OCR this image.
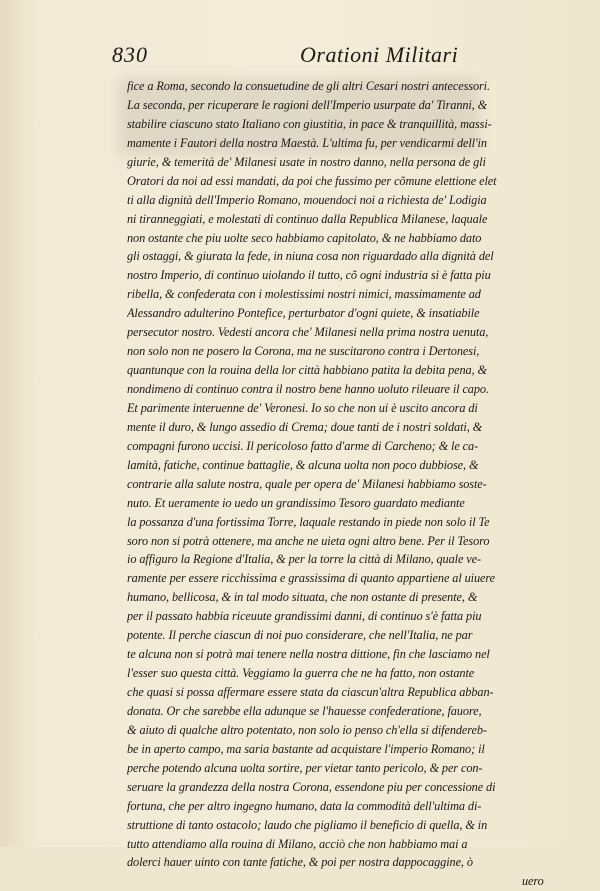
830	Orationi Militari
fice a Roma, secondo la consuetudine de gli altri Cesari nostri antecessori.
La seconda, per ricuperare le ragioni dell'Imperio usurpate da' Tiranni, &
stabilire ciascuno stato Italiano con giustitia, in pace & tranquillità, massi-
mamente i Fautori della nostra Maestà. L'ultima fu, per vendicarmi dell'in
giurie, & temerità de' Milanesi usate in nostro danno, nella persona de gli
Oratori da noi ad essi mandati, da poi che fussimo per cõmune elettione elet
ti alla dignità dell'Imperio Romano, mouendoci noi a richiesta de' Lodigia
ni tiranneggiati, e molestati di continuo dalla Republica Milanese, laquale
non ostante che piu uolte seco habbiamo capitolato, & ne habbiamo dato
gli ostaggi, & giurata la fede, in niuna cosa non riguardado alla dignità del
nostro Imperio, di continuo uiolando il tutto, cõ ogni industria si è fatta piu
ribella, & confederata con i molestissimi nostri nimici, massimamente ad
Alessandro adulterino Pontefice, perturbator d'ogni quiete, & insatiabile
persecutor nostro. Vedesti ancora che' Milanesi nella prima nostra uenuta,
non solo non ne posero la Corona, ma ne suscitarono contra i Dertonesi,
quantunque con la rouina della lor città habbiano patita la debita pena, &
nondimeno di continuo contra il nostro bene hanno uoluto rileuare il capo.
Et parimente interuenne de' Veronesi. Io so che non ui è uscito ancora di
mente il duro, & lungo assedio di Crema; doue tanti de i nostri soldati, &
compagni furono uccisi. Il pericoloso fatto d'arme di Carcheno; & le ca-
lamità, fatiche, continue battaglie, & alcuna uolta non poco dubbiose, &
contrarie alla salute nostra, quale per opera de' Milanesi habbiamo soste-
nuto. Et ueramente io uedo un grandissimo Tesoro guardato mediante
la possanza d'una fortissima Torre, laquale restando in piede non solo il Te
soro non si potrà ottenere, ma anche ne uieta ogni altro bene. Per il Tesoro
io affiguro la Regione d'Italia, & per la torre la città di Milano, quale ve-
ramente per essere ricchissima e grassissima di quanto appartiene al uiuere
humano, bellicosa, & in tal modo situata, che non ostante di presente, &
per il passato habbia riceuute grandissimi danni, di continuo s'è fatta piu
potente. Il perche ciascun di noi puo considerare, che nell'Italia, ne par
te alcuna non si potrà mai tenere nella nostra dittione, fin che lasciamo nel
l'esser suo questa città. Veggiamo la guerra che ne ha fatto, non ostante
che quasi si possa affermare essere stata da ciascun'altra Republica abban-
donata. Or che sarebbe ella adunque se l'hauesse confederatione, fauore,
& aiuto di qualche altro potentato, non solo io penso ch'ella si difendereb-
be in aperto campo, ma saria bastante ad acquistare l'imperio Romano; il
perche potendo alcuna uolta sortire, per vietar tanto pericolo, & per con-
seruare la grandezza della nostra Corona, essendone piu per concessione di
fortuna, che per altro ingegno humano, data la commodità dell'ultima di-
struttione di tanto ostacolo; laudo che pigliamo il beneficio di quella, & in
tutto attendiamo alla rouina di Milano, acciò che non habbiamo mai a
dolerci hauer uinto con tante fatiche, & poi per nostra dappocaggine, ò
uero
